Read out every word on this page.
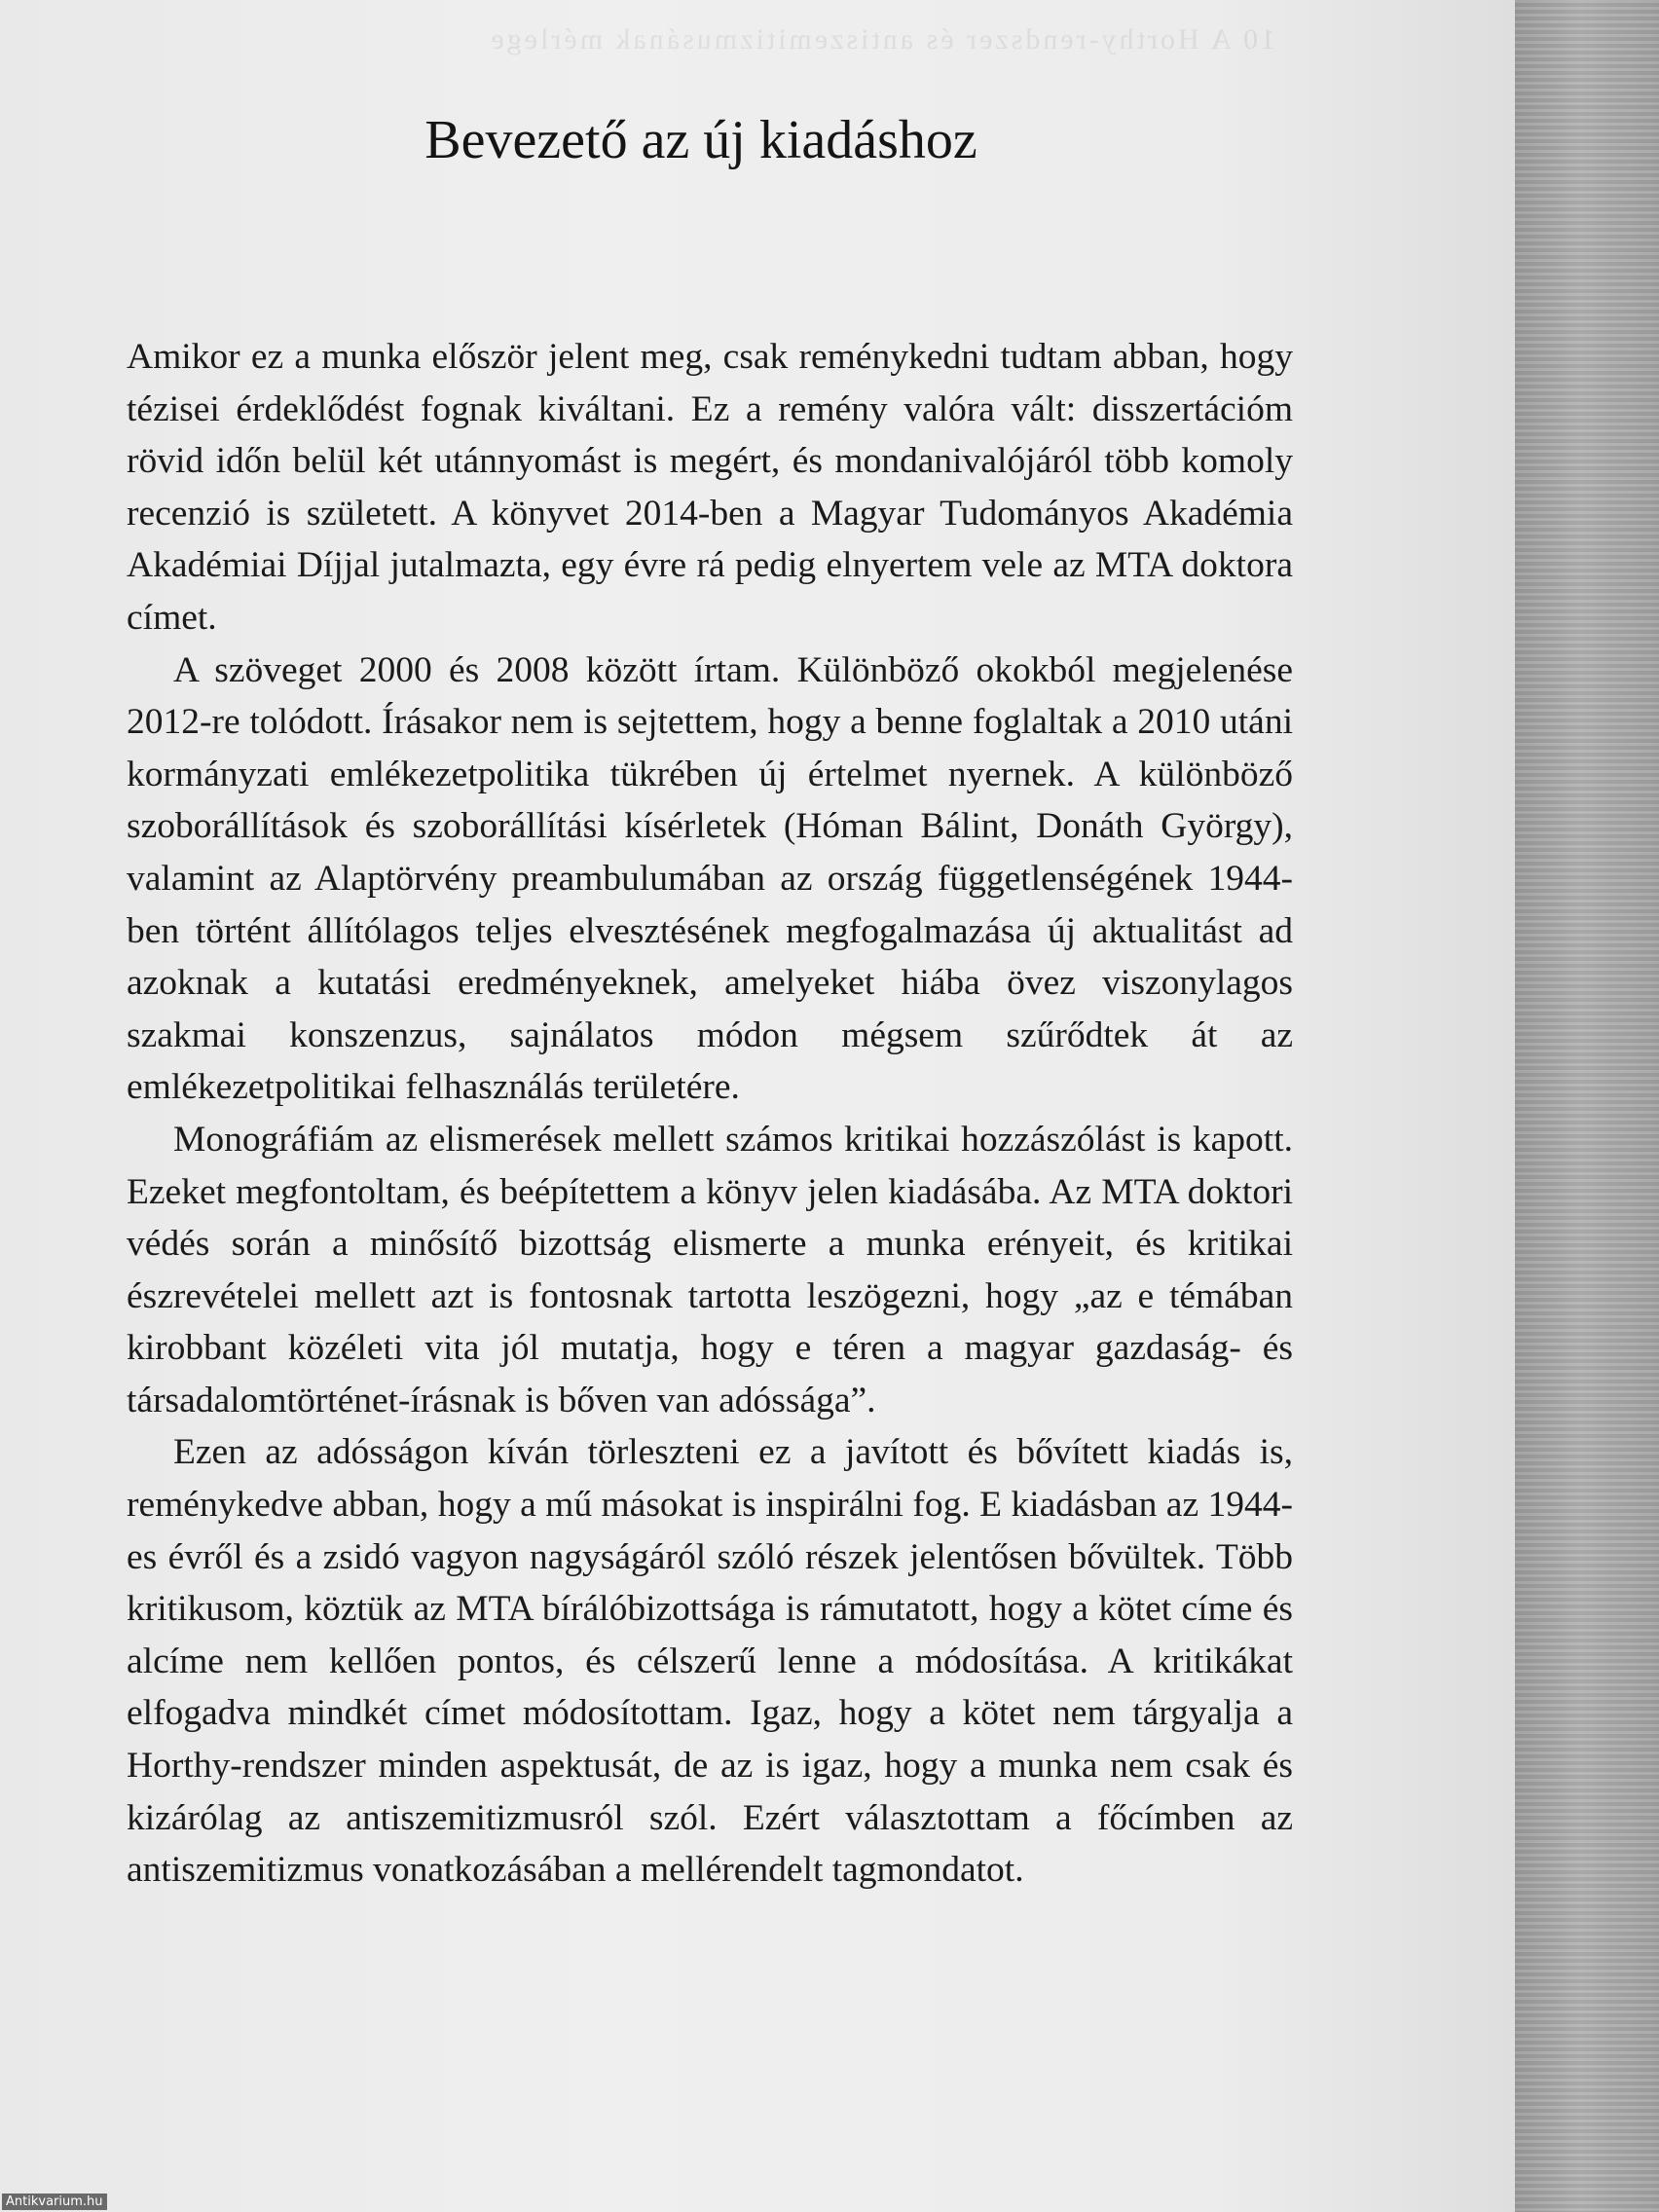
10 A Horthy-rendszer és antiszemitizmusának mérlege
Bevezető az új kiadáshoz

Amikor ez a munka először jelent meg, csak reménykedni tudtam abban, hogy tézisei érdeklődést fognak kiváltani. Ez a remény valóra vált: disszertációm rövid időn belül két utánnyomást is megért, és mondanivalójáról több komoly recenzió is született. A könyvet 2014-ben a Magyar Tudományos Akadémia Akadémiai Díjjal jutalmazta, egy évre rá pedig elnyertem vele az MTA doktora címet.

A szöveget 2000 és 2008 között írtam. Különböző okokból megjelenése 2012-re tolódott. Írásakor nem is sejtettem, hogy a benne foglaltak a 2010 utáni kormányzati emlékezetpolitika tükrében új értelmet nyernek. A különböző szoborállítások és szoborállítási kísérletek (Hóman Bálint, Donáth György), valamint az Alaptörvény preambulumában az ország függetlenségének 1944-ben történt állítólagos teljes elvesztésének megfogalmazása új aktualitást ad azoknak a kutatási eredményeknek, amelyeket hiába övez viszonylagos szakmai konszenzus, sajnálatos módon mégsem szűrődtek át az emlékezetpolitikai felhasználás területére.

Monográfiám az elismerések mellett számos kritikai hozzászólást is kapott. Ezeket megfontoltam, és beépítettem a könyv jelen kiadásába. Az MTA doktori védés során a minősítő bizottság elismerte a munka erényeit, és kritikai észrevételei mellett azt is fontosnak tartotta leszögezni, hogy „az e témában kirobbant közéleti vita jól mutatja, hogy e téren a magyar gazdaság- és társadalomtörténet-írásnak is bőven van adóssága”.

Ezen az adósságon kíván törleszteni ez a javított és bővített kiadás is, reménykedve abban, hogy a mű másokat is inspirálni fog. E kiadásban az 1944-es évről és a zsidó vagyon nagyságáról szóló részek jelentősen bővültek. Több kritikusom, köztük az MTA bírálóbizottsága is rámutatott, hogy a kötet címe és alcíme nem kellően pontos, és célszerű lenne a módosítása. A kritikákat elfogadva mindkét címet módosítottam. Igaz, hogy a kötet nem tárgyalja a Horthy-rendszer minden aspektusát, de az is igaz, hogy a munka nem csak és kizárólag az antiszemitizmusról szól. Ezért választottam a főcímben az antiszemitizmus vonatkozásában a mellérendelt tagmondatot.

Antikvarium.hu
